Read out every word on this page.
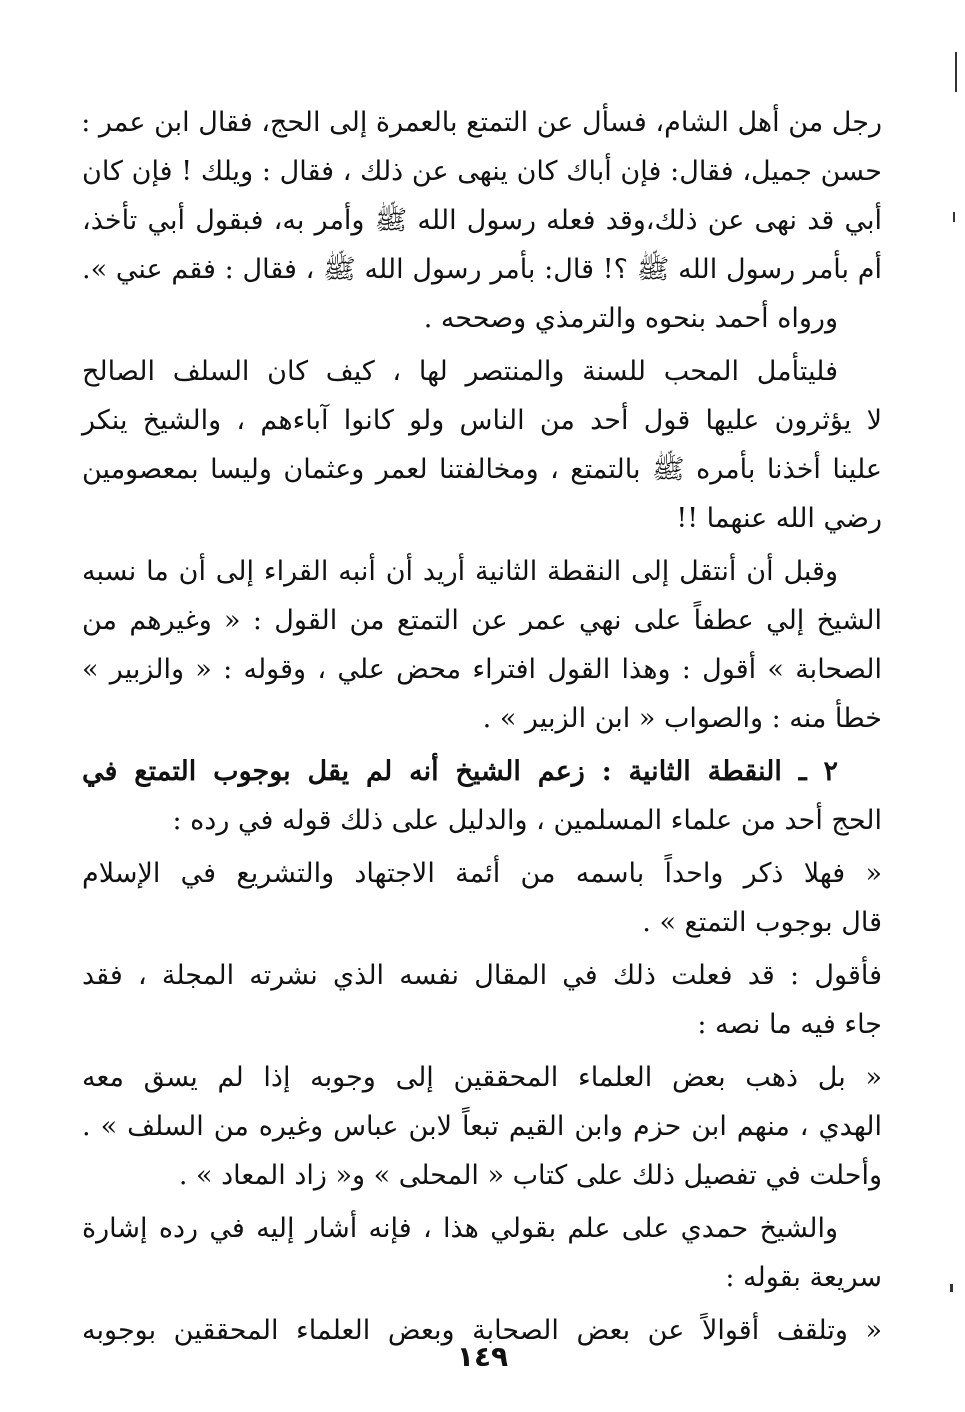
رجل من أهل الشام، فسأل عن التمتع بالعمرة إلى الحج، فقال ابن عمر :
حسن جميل، فقال: فإن أباك كان ينهى عن ذلك ، فقال : ويلك ! فإن كان
أبي قد نهى عن ذلك،وقد فعله رسول الله ﷺ وأمر به، فبقول أبي تأخذ،
أم بأمر رسول الله ﷺ ؟! قال: بأمر رسول الله ﷺ ، فقال : فقم عني ».
ورواه أحمد بنحوه والترمذي وصححه .
فليتأمل المحب للسنة والمنتصر لها ، كيف كان السلف الصالح
لا يؤثرون عليها قول أحد من الناس ولو كانوا آباءهم ، والشيخ ينكر
علينا أخذنا بأمره ﷺ بالتمتع ، ومخالفتنا لعمر وعثمان وليسا بمعصومين
رضي الله عنهما !!
وقبل أن أنتقل إلى النقطة الثانية أريد أن أنبه القراء إلى أن ما نسبه
الشيخ إلي عطفاً على نهي عمر عن التمتع من القول : « وغيرهم من
الصحابة » أقول : وهذا القول افتراء محض علي ، وقوله : « والزبير »
خطأ منه : والصواب « ابن الزبير » .
٢ ـ النقطة الثانية : زعم الشيخ أنه لم يقل بوجوب التمتع في
الحج أحد من علماء المسلمين ، والدليل على ذلك قوله في رده :
« فهلا ذكر واحداً باسمه من أئمة الاجتهاد والتشريع في الإسلام
قال بوجوب التمتع » .
فأقول : قد فعلت ذلك في المقال نفسه الذي نشرته المجلة ، فقد
جاء فيه ما نصه :
« بل ذهب بعض العلماء المحققين إلى وجوبه إذا لم يسق معه
الهدي ، منهم ابن حزم وابن القيم تبعاً لابن عباس وغيره من السلف » .
وأحلت في تفصيل ذلك على كتاب « المحلى » و« زاد المعاد » .
والشيخ حمدي على علم بقولي هذا ، فإنه أشار إليه في رده إشارة
سريعة بقوله :
« وتلقف أقوالاً عن بعض الصحابة وبعض العلماء المحققين بوجوبه
١٤٩
